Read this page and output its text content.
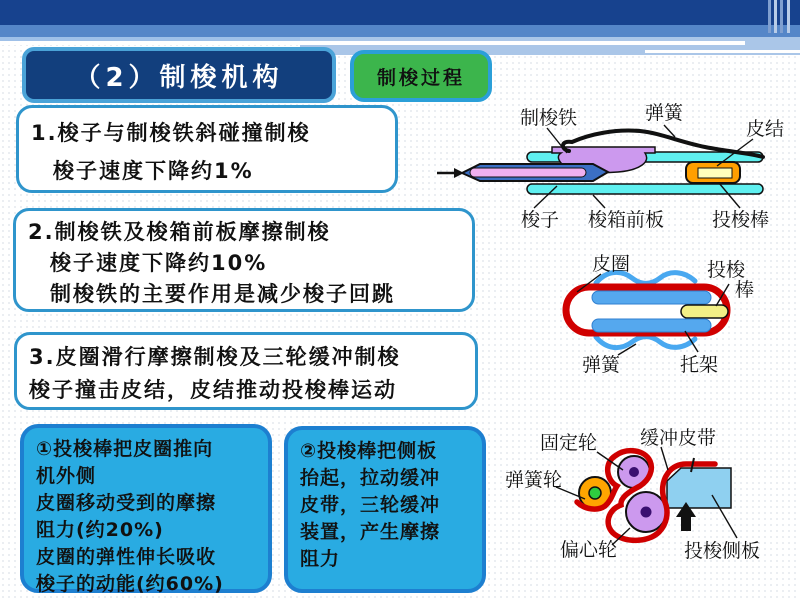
（2）制梭机构	制梭过程
1.梭子与制梭铁斜碰撞制梭
梭子速度下降约1%
2.制梭铁及梭箱前板摩擦制梭
梭子速度下降约10%
制梭铁的主要作用是减少梭子回跳
3.皮圈滑行摩擦制梭及三轮缓冲制梭
梭子撞击皮结，皮结推动投梭棒运动
①投梭棒把皮圈推向
机外侧
皮圈移动受到的摩擦
阻力(约20%)
皮圈的弹性伸长吸收
梭子的动能(约60%)
②投梭棒把侧板
抬起，拉动缓冲
皮带，三轮缓冲
装置，产生摩擦
阻力
制梭铁	弹簧
皮结
梭子 梭箱前板	投梭棒
皮圈	投梭
棒
弹簧	托架
固定轮 缓冲皮带
弹簧轮
偏心轮	投梭侧板
